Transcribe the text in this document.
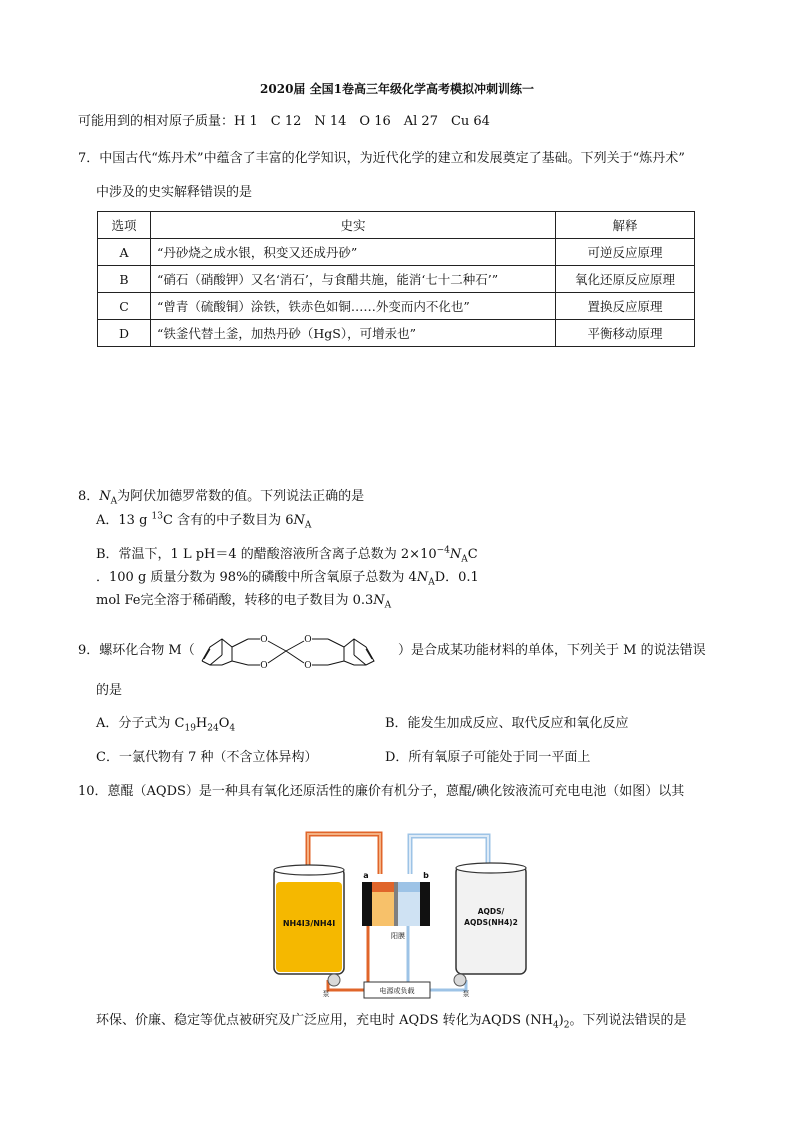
2020届 全国1卷高三年级化学高考模拟冲刺训练一
可能用到的相对原子质量：H 1　C 12　N 14　O 16　Al 27　Cu 64
7．中国古代“炼丹术”中蕴含了丰富的化学知识，为近代化学的建立和发展奠定了基础。下列关于“炼丹术”
中涉及的史实解释错误的是
选项	史实	解释
A	“丹砂烧之成水银，积变又还成丹砂”	可逆反应原理
B	“硝石（硝酸钾）又名‘消石’，与食醋共施，能消‘七十二种石’”	氧化还原反应原理
C	“曾青（硫酸铜）涂铁，铁赤色如铜……外变而内不化也”	置换反应原理
D	“铁釜代替土釜，加热丹砂（HgS），可增汞也”	平衡移动原理
8．$N_A$为阿伏加德罗常数的值。下列说法正确的是
A．13 g $^{13}$C 含有的中子数目为 $6N_A$
B．常温下，1 L pH＝4 的醋酸溶液所含离子总数为 $2\times 10^{-4}N_AC$
．100 g 质量分数为 98%的磷酸中所含氧原子总数为 $4N_AD$．0.1
mol Fe完全溶于稀硝酸，转移的电子数目为 $0.3N_A$
9．螺环化合物 M（
O
O
O
O
）是合成某功能材料的单体，下列关于 M 的说法错误
的是
A．分子式为 $C_{19}H_{24}O_4$	B．能发生加成反应、取代反应和氧化反应
C．一氯代物有 7 种（不含立体异构）	D．所有氧原子可能处于同一平面上
10．蒽醌（AQDS）是一种具有氧化还原活性的廉价有机分子，蒽醌/碘化铵液流可充电电池（如图）以其
NH4I3/NH4I
AQDS/
AQDS(NH4)2
a	b
阳膜
泵	泵
电源或负载
环保、价廉、稳定等优点被研究及广泛应用，充电时 AQDS 转化为AQDS $(NH_4)_2$。下列说法错误的是
